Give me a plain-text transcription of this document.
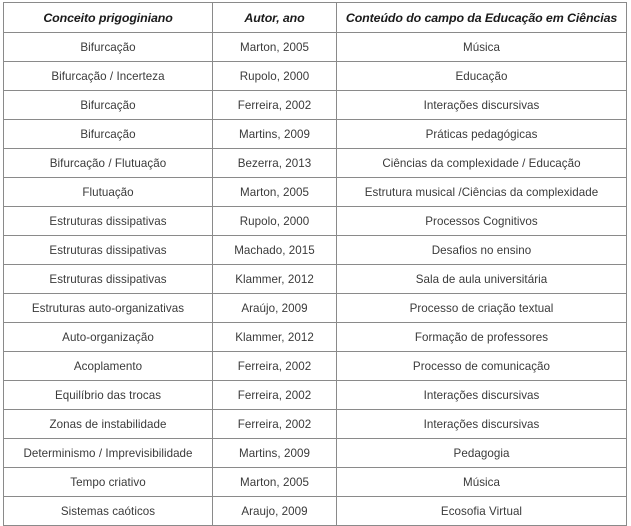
Conceito prigoginiano	Autor, ano	Conteúdo do campo da Educação em Ciências
Bifurcação	Marton, 2005	Música
Bifurcação / Incerteza	Rupolo, 2000	Educação
Bifurcação	Ferreira, 2002	Interações discursivas
Bifurcação	Martins, 2009	Práticas pedagógicas
Bifurcação / Flutuação	Bezerra, 2013	Ciências da complexidade / Educação
Flutuação	Marton, 2005	Estrutura musical /Ciências da complexidade
Estruturas dissipativas	Rupolo, 2000	Processos Cognitivos
Estruturas dissipativas	Machado, 2015	Desafios no ensino
Estruturas dissipativas	Klammer, 2012	Sala de aula universitária
Estruturas auto-organizativas	Araújo, 2009	Processo de criação textual
Auto-organização	Klammer, 2012	Formação de professores
Acoplamento	Ferreira, 2002	Processo de comunicação
Equilíbrio das trocas	Ferreira, 2002	Interações discursivas
Zonas de instabilidade	Ferreira, 2002	Interações discursivas
Determinismo / Imprevisibilidade	Martins, 2009	Pedagogia
Tempo criativo	Marton, 2005	Música
Sistemas caóticos	Araujo, 2009	Ecosofia Virtual
